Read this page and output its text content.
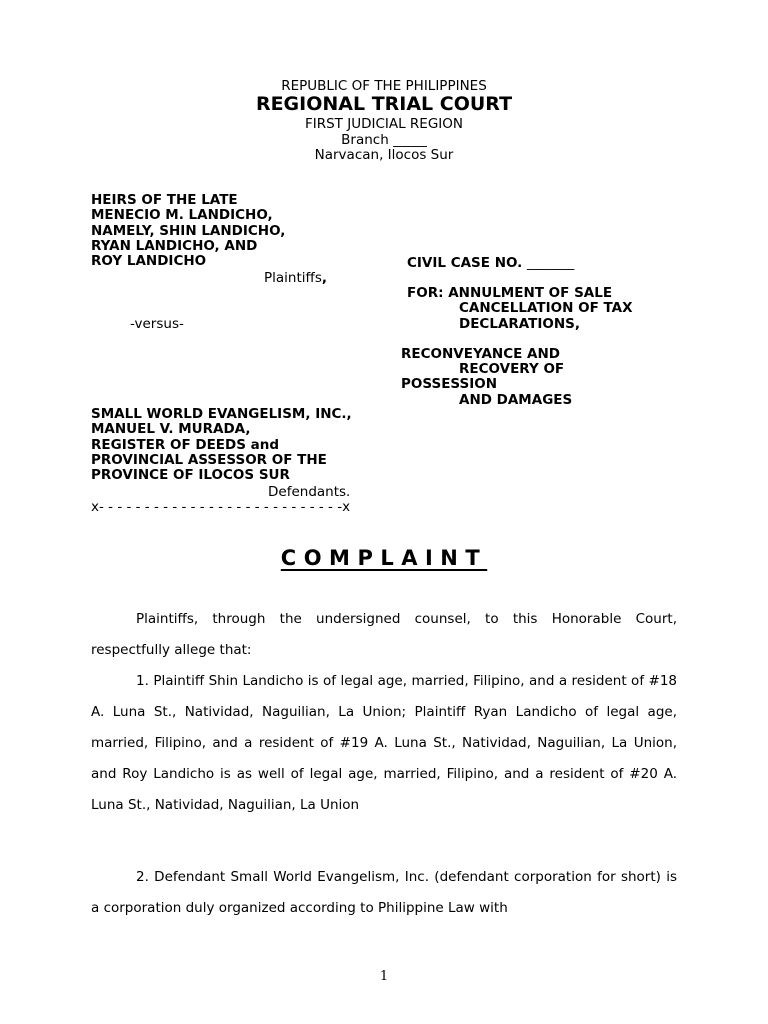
REPUBLIC OF THE PHILIPPINES
REGIONAL TRIAL COURT
FIRST JUDICIAL REGION
Branch _____
Narvacan, Ilocos Sur
HEIRS OF THE LATE
MENECIO M. LANDICHO,
NAMELY, SHIN LANDICHO,
RYAN LANDICHO, AND
ROY LANDICHO
Plaintiffs,
-versus-
CIVIL CASE NO. _______
FOR: ANNULMENT OF SALE
CANCELLATION OF TAX
DECLARATIONS,
RECONVEYANCE AND
RECOVERY OF
POSSESSION
AND DAMAGES
SMALL WORLD EVANGELISM, INC.,
MANUEL V. MURADA,
REGISTER OF DEEDS and
PROVINCIAL ASSESSOR OF THE
PROVINCE OF ILOCOS SUR
Defendants.
x- - - - - - - - - - - - - - - - - - - - - - - - - - -x
COMPLAINT
Plaintiffs, through the undersigned counsel, to this Honorable Court, respectfully allege that:
1. Plaintiff Shin Landicho is of legal age, married, Filipino, and a resident of #18 A. Luna St., Natividad, Naguilian, La Union; Plaintiff Ryan Landicho of legal age, married, Filipino, and a resident of #19 A. Luna St., Natividad, Naguilian, La Union, and Roy Landicho is as well of legal age, married, Filipino, and a resident of #20 A. Luna St., Natividad, Naguilian, La Union
2. Defendant Small World Evangelism, Inc. (defendant corporation for short) is a corporation duly organized according to Philippine Law with
1
